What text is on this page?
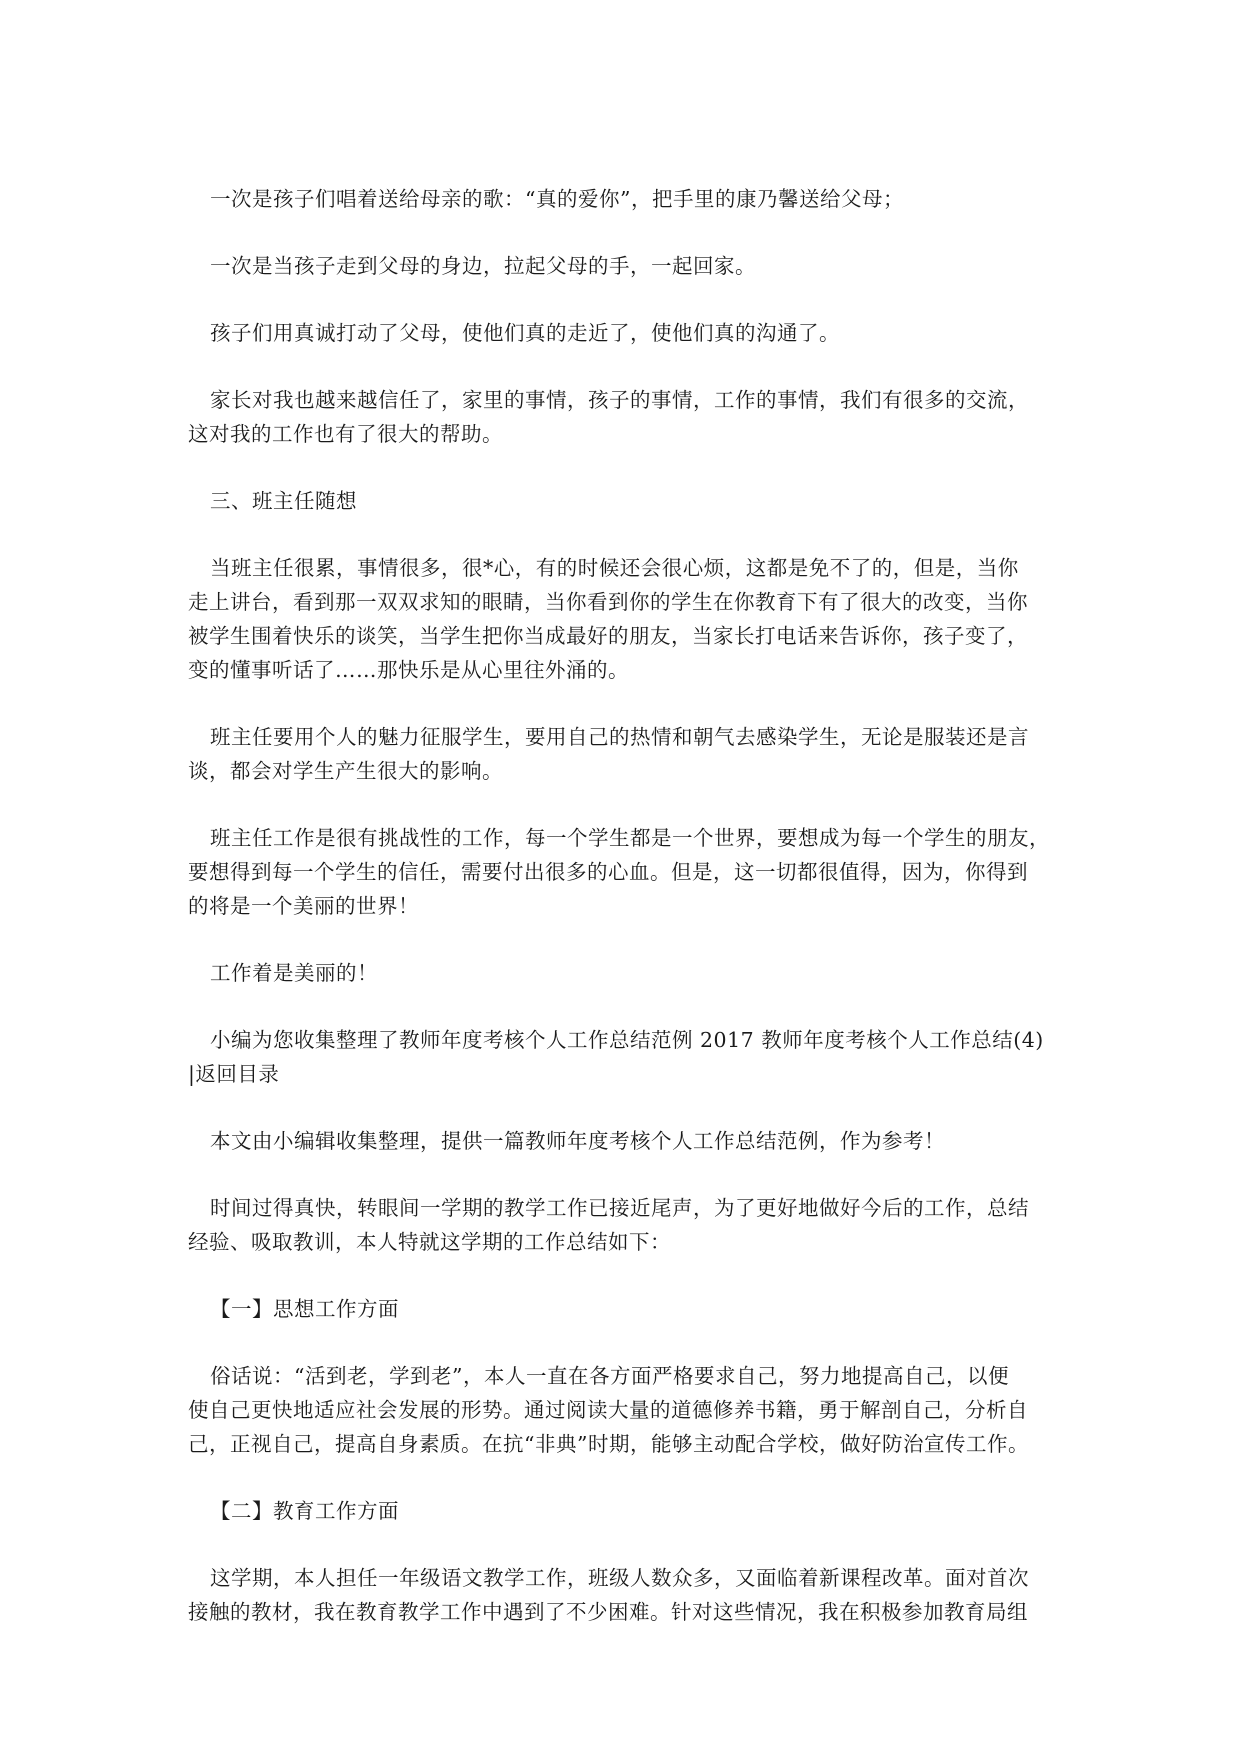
一次是孩子们唱着送给母亲的歌：“真的爱你”，把手里的康乃馨送给父母；

一次是当孩子走到父母的身边，拉起父母的手，一起回家。

孩子们用真诚打动了父母，使他们真的走近了，使他们真的沟通了。

家长对我也越来越信任了，家里的事情，孩子的事情，工作的事情，我们有很多的交流，
这对我的工作也有了很大的帮助。

三、班主任随想

当班主任很累，事情很多，很*心，有的时候还会很心烦，这都是免不了的，但是，当你
走上讲台，看到那一双双求知的眼睛，当你看到你的学生在你教育下有了很大的改变，当你
被学生围着快乐的谈笑，当学生把你当成最好的朋友，当家长打电话来告诉你，孩子变了，
变的懂事听话了……那快乐是从心里往外涌的。

班主任要用个人的魅力征服学生，要用自己的热情和朝气去感染学生，无论是服装还是言
谈，都会对学生产生很大的影响。

班主任工作是很有挑战性的工作，每一个学生都是一个世界，要想成为每一个学生的朋友，
要想得到每一个学生的信任，需要付出很多的心血。但是，这一切都很值得，因为，你得到
的将是一个美丽的世界！

工作着是美丽的！

小编为您收集整理了教师年度考核个人工作总结范例 2017 教师年度考核个人工作总结(4)
|返回目录

本文由小编辑收集整理，提供一篇教师年度考核个人工作总结范例，作为参考！

时间过得真快，转眼间一学期的教学工作已接近尾声，为了更好地做好今后的工作，总结
经验、吸取教训，本人特就这学期的工作总结如下：

【一】思想工作方面

俗话说：“活到老，学到老”，本人一直在各方面严格要求自己，努力地提高自己，以便
使自己更快地适应社会发展的形势。通过阅读大量的道德修养书籍，勇于解剖自己，分析自
己，正视自己，提高自身素质。在抗“非典”时期，能够主动配合学校，做好防治宣传工作。

【二】教育工作方面

这学期，本人担任一年级语文教学工作，班级人数众多，又面临着新课程改革。面对首次
接触的教材，我在教育教学工作中遇到了不少困难。针对这些情况，我在积极参加教育局组
